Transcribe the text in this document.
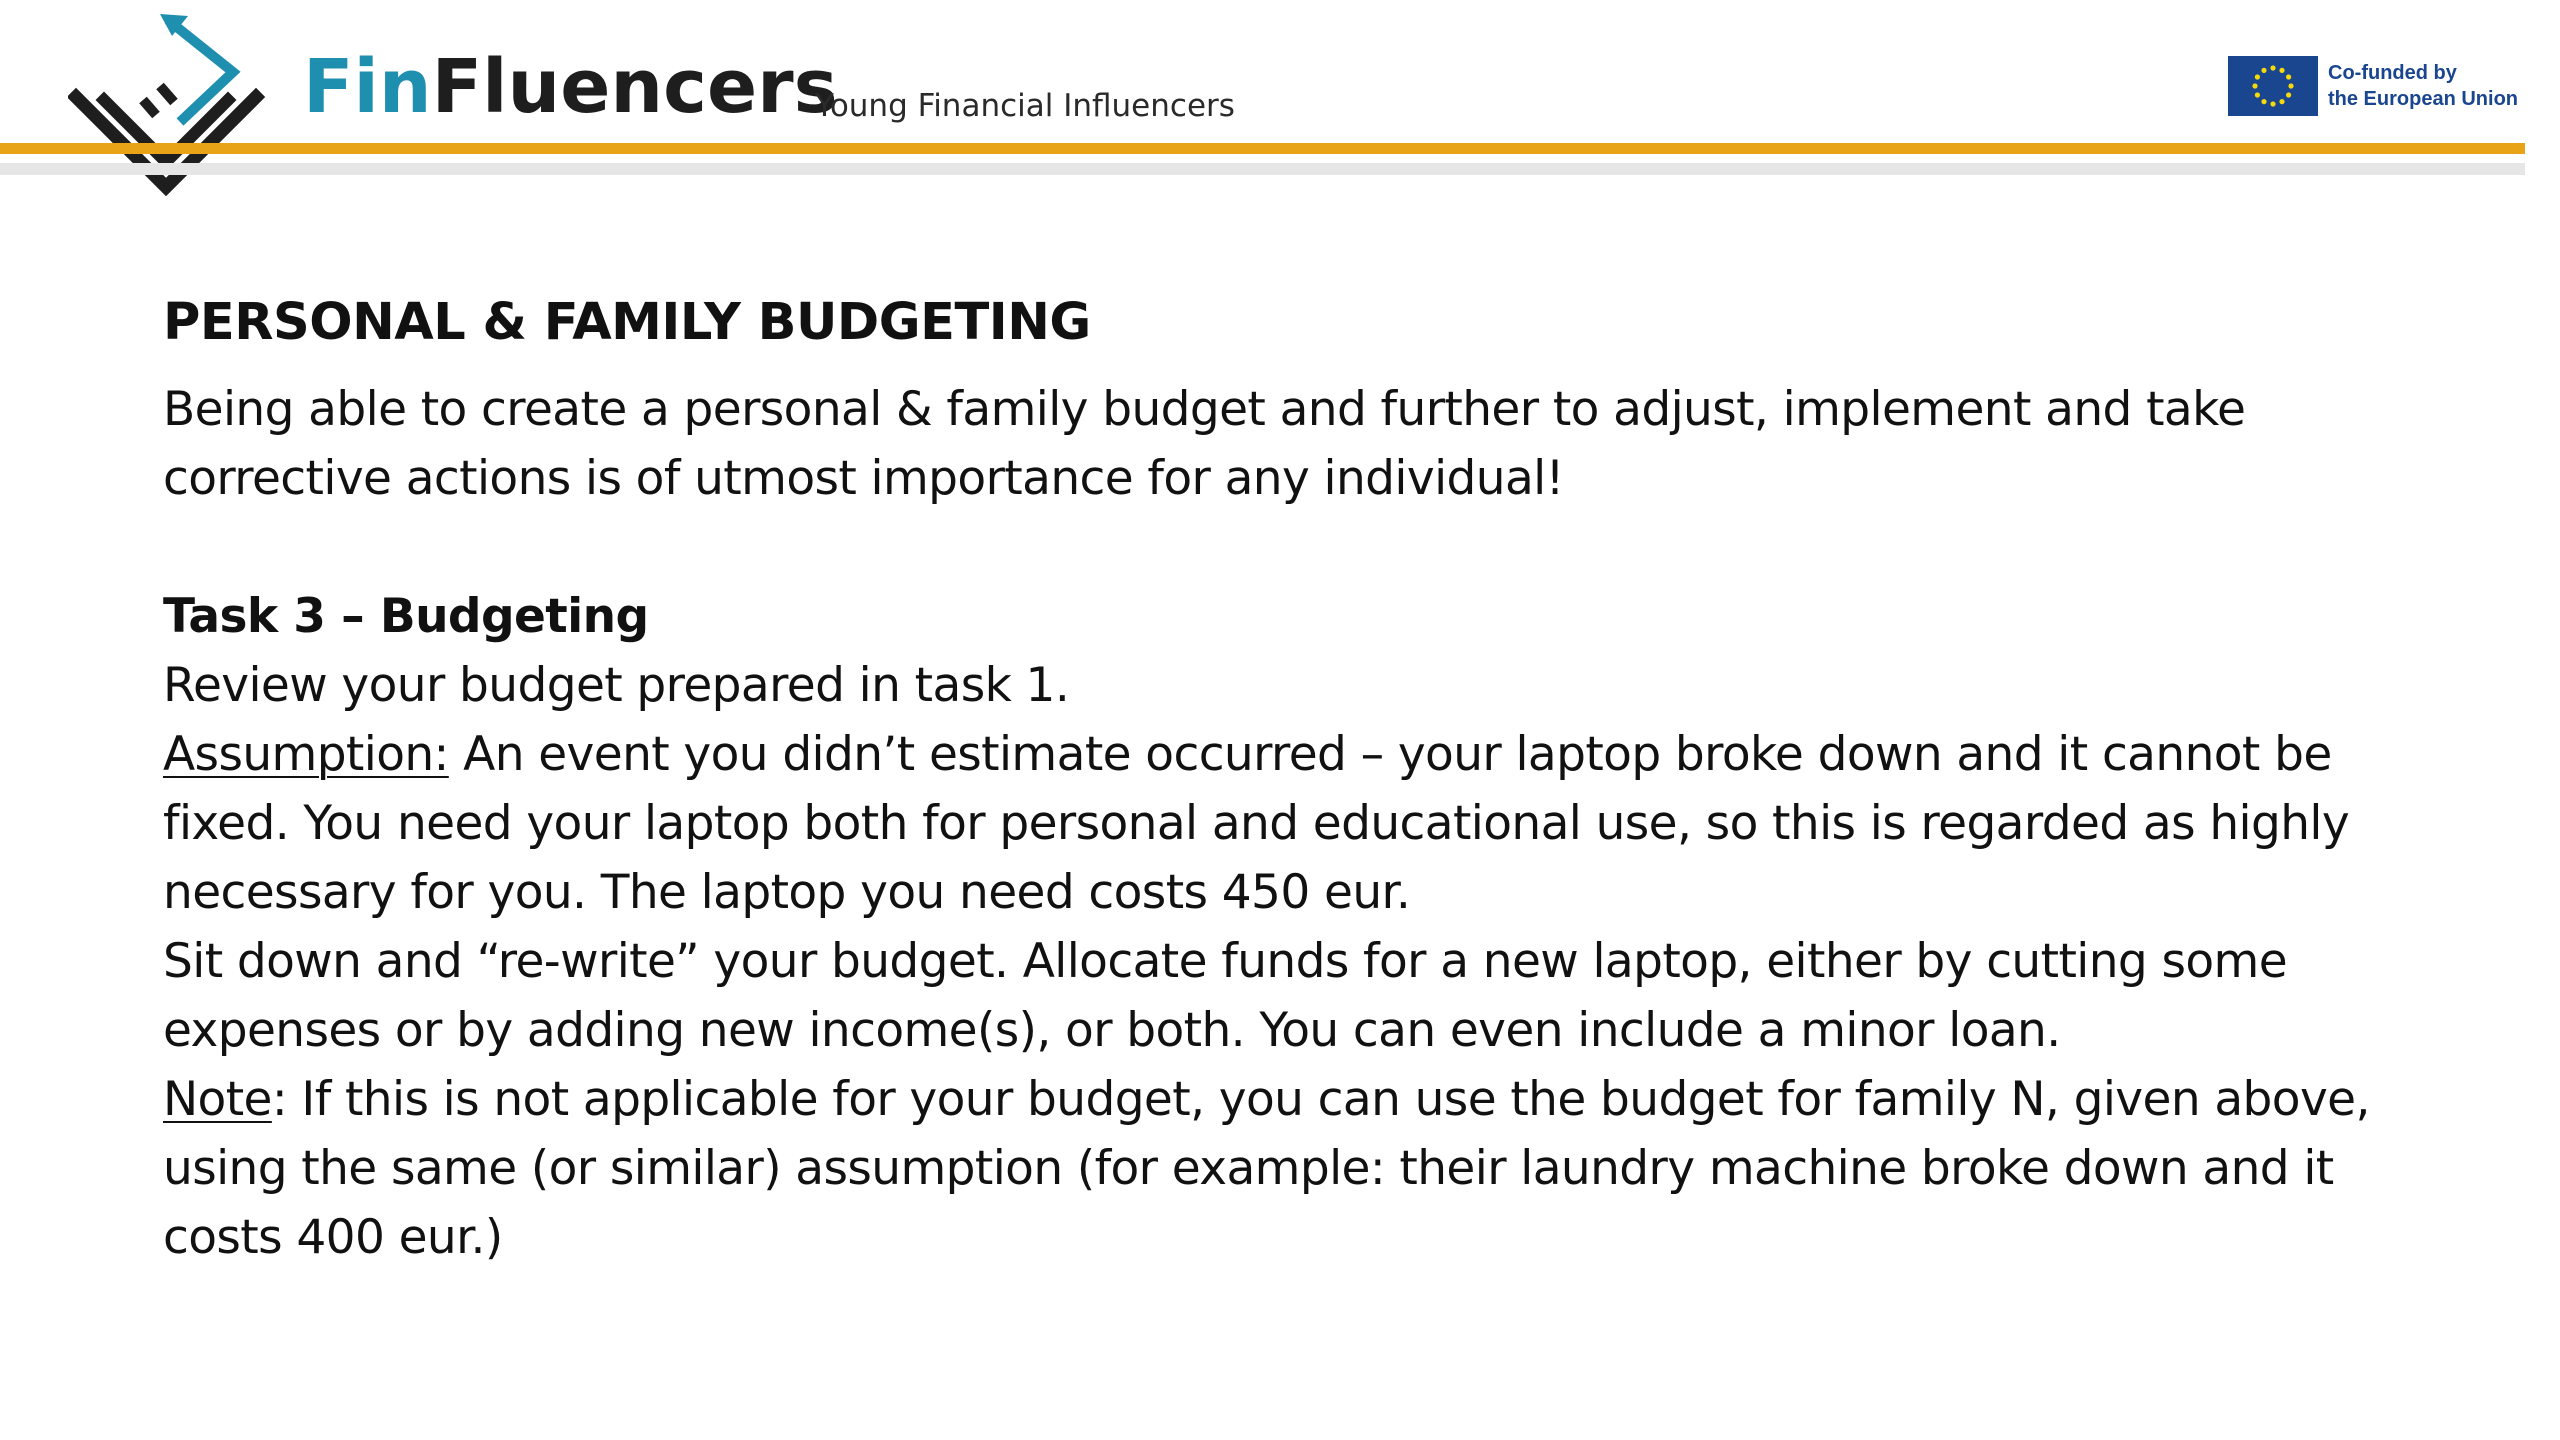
FinFluencers
Young Financial Influencers
Co-funded by
the European Union
PERSONAL & FAMILY BUDGETING

Being able to create a personal & family budget and further to adjust, implement and take corrective actions is of utmost importance for any individual!

Task 3 – Budgeting

Review your budget prepared in task 1.

Assumption: An event you didn’t estimate occurred – your laptop broke down and it cannot be fixed. You need your laptop both for personal and educational use, so this is regarded as highly necessary for you. The laptop you need costs 450 eur.

Sit down and “re-write” your budget. Allocate funds for a new laptop, either by cutting some expenses or by adding new income(s), or both. You can even include a minor loan.

Note: If this is not applicable for your budget, you can use the budget for family N, given above, using the same (or similar) assumption (for example: their laundry machine broke down and it costs 400 eur.)
